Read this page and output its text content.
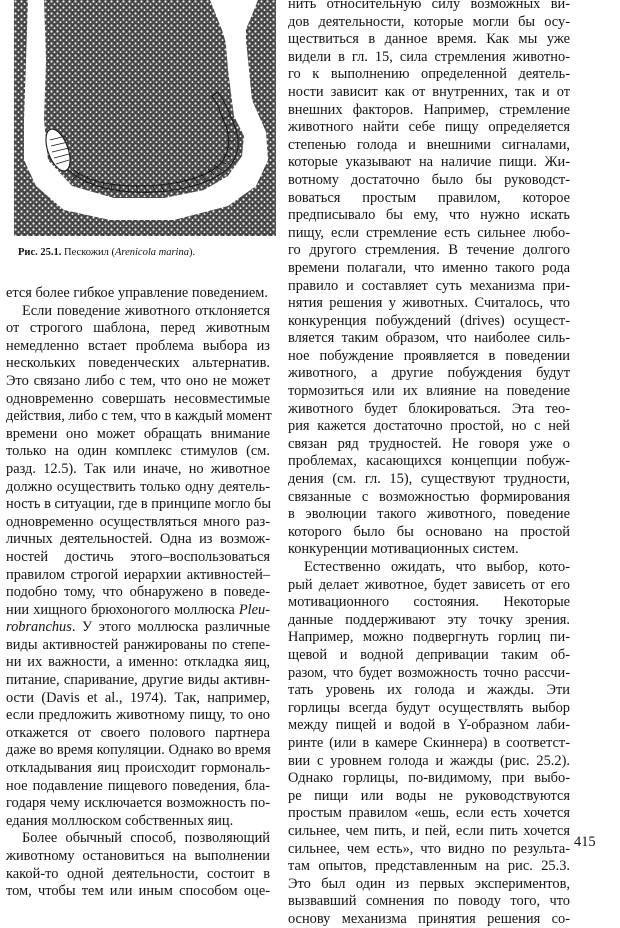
Рис. 25.1. Пескожил (Arenicola marina).
ется более гибкое управление поведением.
Если поведение животного отклоняется
от строгого шаблона, перед животным
немедленно встает проблема выбора из
нескольких поведенческих альтернатив.
Это связано либо с тем, что оно не может
одновременно совершать несовместимые
действия, либо с тем, что в каждый момент
времени оно может обращать внимание
только на один комплекс стимулов (см.
разд. 12.5). Так или иначе, но животное
должно осуществить только одну деятель-
ность в ситуации, где в принципе могло бы
одновременно осуществляться много раз-
личных деятельностей. Одна из возмож-
ностей достичь этого–воспользоваться
правилом строгой иерархии активностей–
подобно тому, что обнаружено в поведе-
нии хищного брюхоногого моллюска Pleu-
robranchus. У этого моллюска различные
виды активностей ранжированы по степе-
ни их важности, а именно: откладка яиц,
питание, спаривание, другие виды активн-
ости (Davis et al., 1974). Так, например,
если предложить животному пищу, то оно
откажется от своего полового партнера
даже во время копуляции. Однако во время
откладывания яиц происходит гормональ-
ное подавление пищевого поведения, бла-
годаря чему исключается возможность по-
едания моллюском собственных яиц.
Более обычный способ, позволяющий
животному остановиться на выполнении
какой-то одной деятельности, состоит в
том, чтобы тем или иным способом оце-
нить относительную силу возможных ви-
дов деятельности, которые могли бы осу-
ществиться в данное время. Как мы уже
видели в гл. 15, сила стремления животно-
го к выполнению определенной деятель-
ности зависит как от внутренних, так и от
внешних факторов. Например, стремление
животного найти себе пищу определяется
степенью голода и внешними сигналами,
которые указывают на наличие пищи. Жи-
вотному достаточно было бы руководст-
воваться простым правилом, которое
предписывало бы ему, что нужно искать
пищу, если стремление есть сильнее любо-
го другого стремления. В течение долгого
времени полагали, что именно такого рода
правило и составляет суть механизма при-
нятия решения у животных. Считалось, что
конкуренция побуждений (drives) осущест-
вляется таким образом, что наиболее силь-
ное побуждение проявляется в поведении
животного, а другие побуждения будут
тормозиться или их влияние на поведение
животного будет блокироваться. Эта тео-
рия кажется достаточно простой, но с ней
связан ряд трудностей. Не говоря уже о
проблемах, касающихся концепции побуж-
дения (см. гл. 15), существуют трудности,
связанные с возможностью формирования
в эволюции такого животного, поведение
которого было бы основано на простой
конкуренции мотивационных систем.
Естественно ожидать, что выбор, кото-
рый делает животное, будет зависеть от его
мотивационного состояния. Некоторые
данные поддерживают эту точку зрения.
Например, можно подвергнуть горлиц пи-
щевой и водной депривации таким об-
разом, что будет возможность точно рассчи-
тать уровень их голода и жажды. Эти
горлицы всегда будут осуществлять выбор
между пищей и водой в Y-образном лаби-
ринте (или в камере Скиннера) в соответст-
вии с уровнем голода и жажды (рис. 25.2).
Однако горлицы, по-видимому, при выбо-
ре пищи или воды не руководствуются
простым правилом «ешь, если есть хочется
сильнее, чем пить, и пей, если пить хочется
сильнее, чем есть», что видно по результа-
там опытов, представленным на рис. 25.3.
Это был один из первых экспериментов,
вызвавший сомнения по поводу того, что
основу механизма принятия решения со-
415
